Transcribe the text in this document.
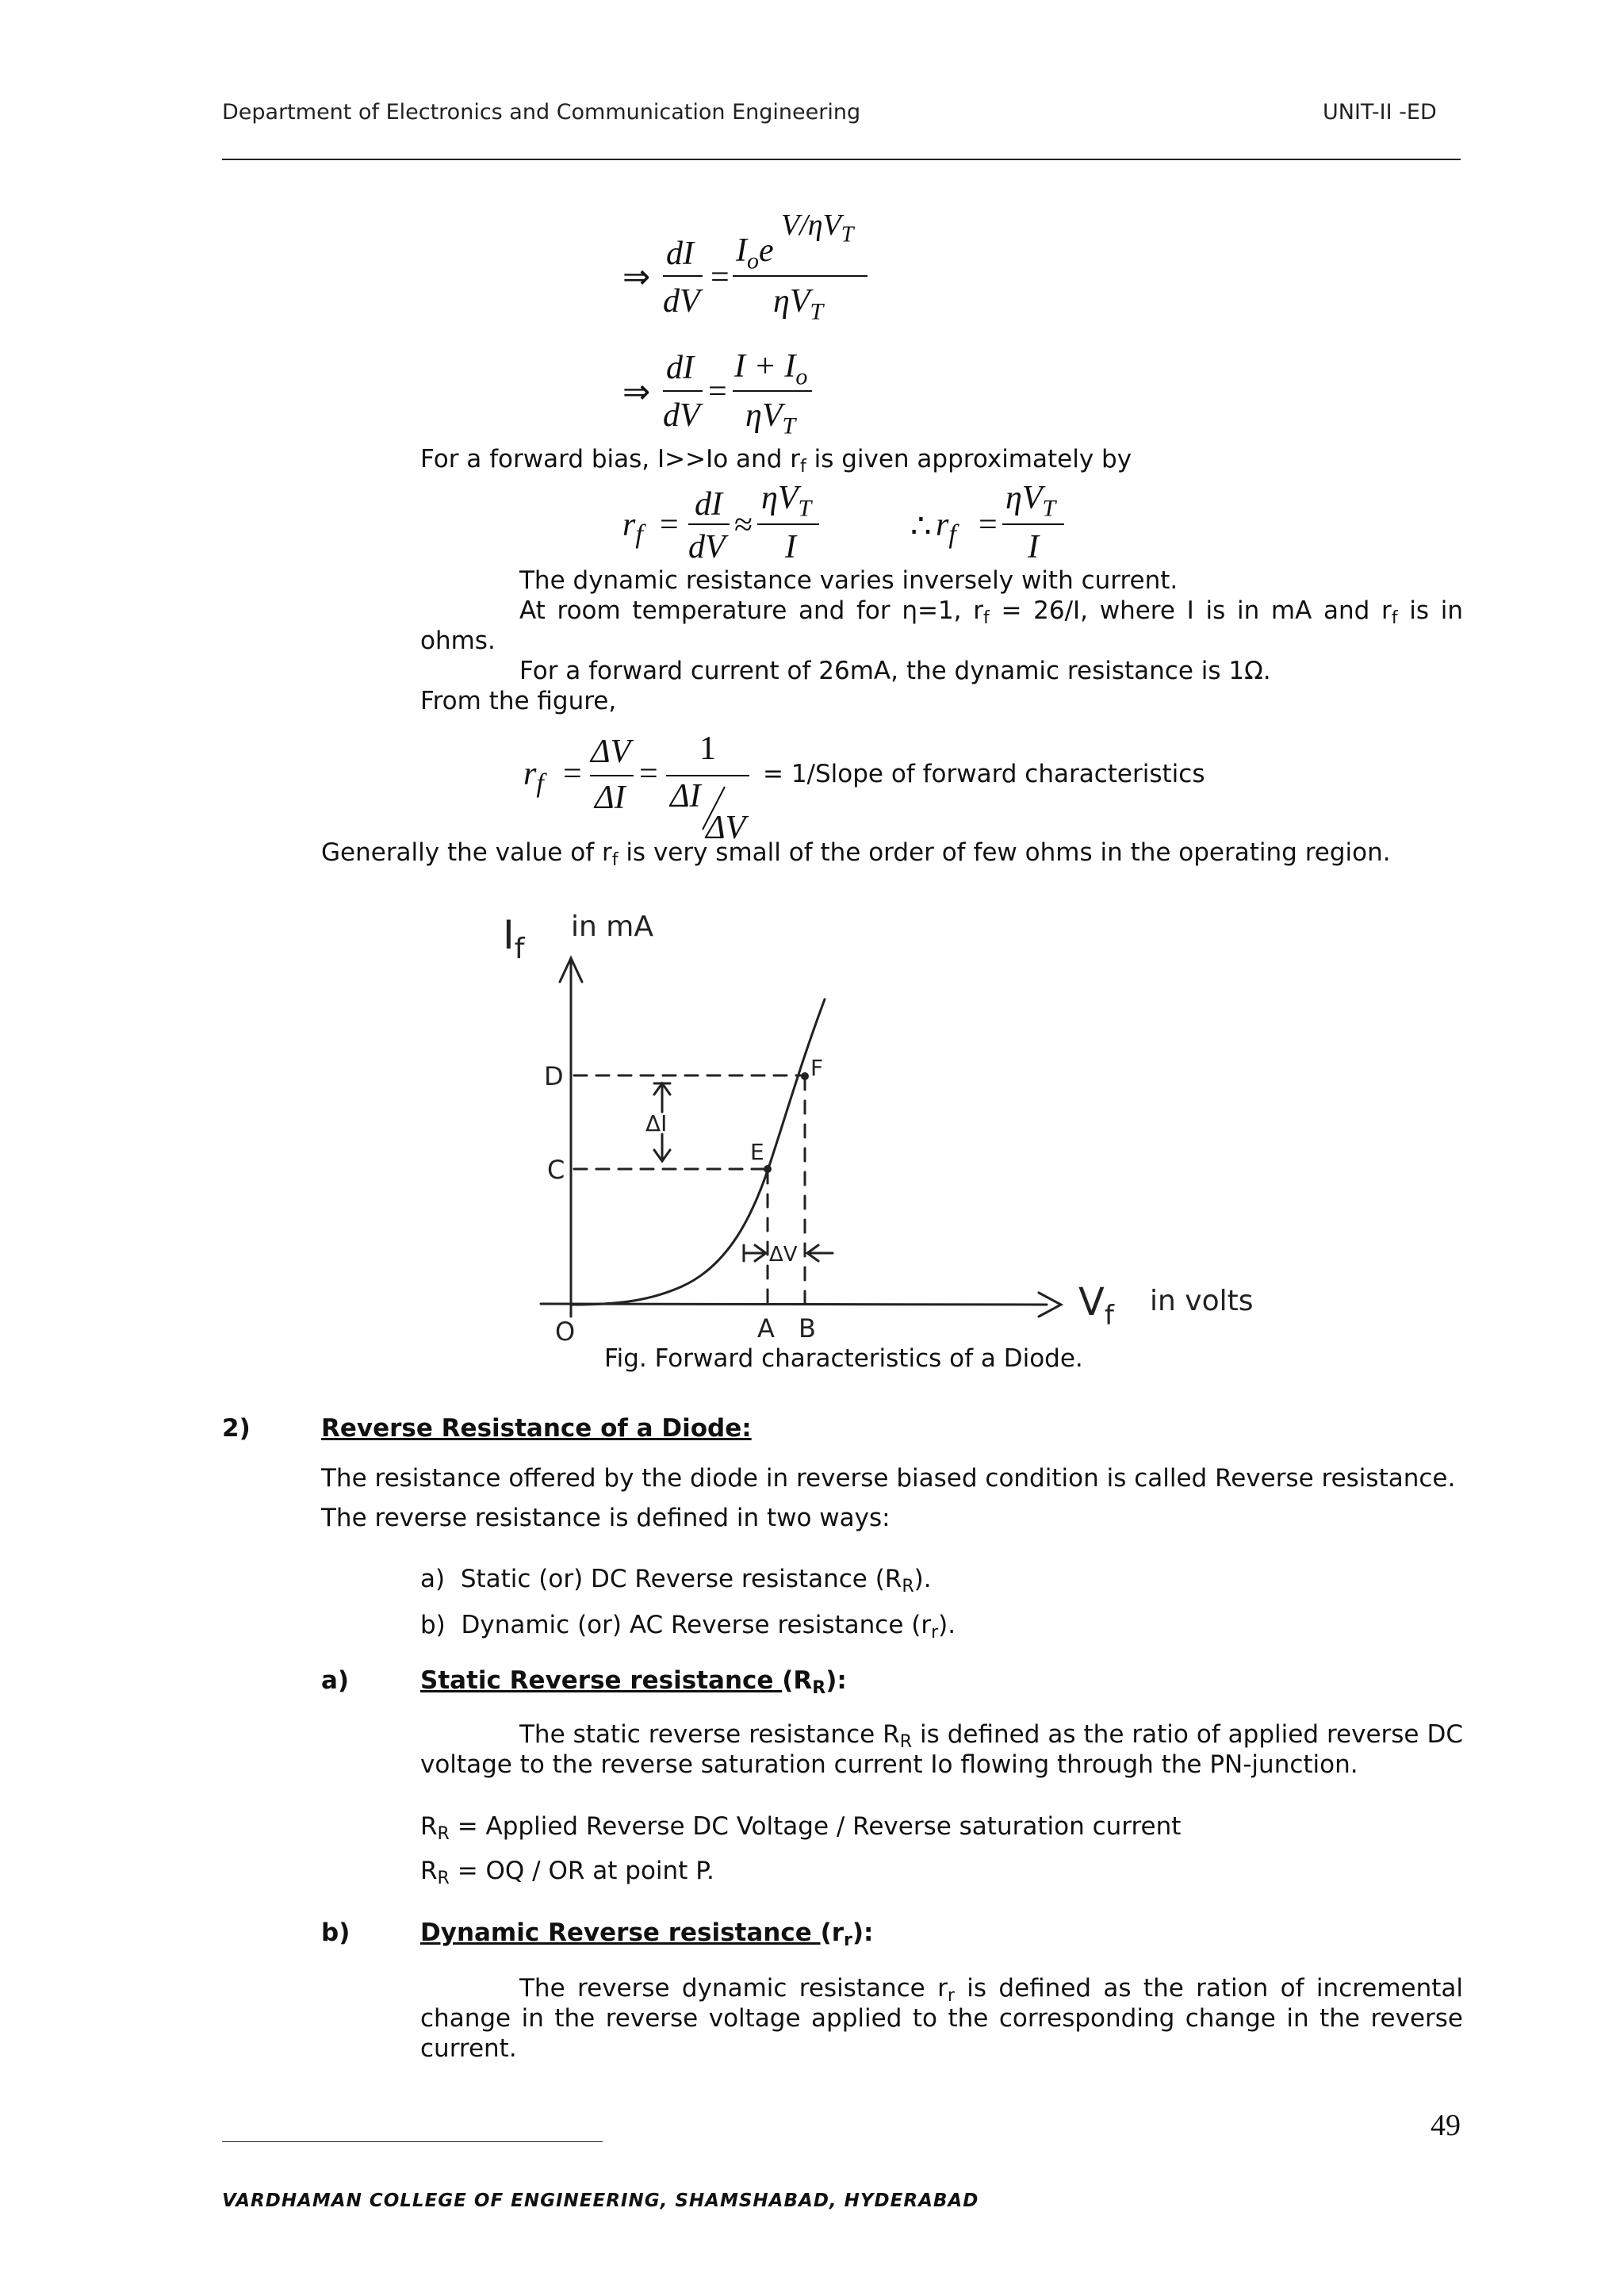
Department of Electronics and Communication Engineering	UNIT-II -ED
⇒
dI
dV
=
$I_oe$
$V/\eta V_T$
$\eta V_T$
⇒
dI
dV
=
$I + I_o$
$\eta V_T$
For a forward bias, I>>Io and $r_f$ is given approximately by
$r_f$ =
dI
dV
≈
$\eta V_T$
I
∴ $r_f$ =
$\eta V_T$
I
The dynamic resistance varies inversely with current.
At room temperature and for η=1, $r_f = 26/I$, where I is in mA and $r_f$ is in
ohms.
For a forward current of 26mA, the dynamic resistance is 1Ω.
From the figure,
$r_f$ =
ΔV
ΔI
=
1
ΔI
ΔV
= 1/Slope of forward characteristics
Generally the value of $r_f$ is very small of the order of few ohms in the operating region.
$I_f$
in mA
$V_f$ in volts
O	A B
C
D
E
F
ΔI
ΔV
Fig. Forward characteristics of a Diode.
2)	Reverse Resistance of a Diode:
The resistance offered by the diode in reverse biased condition is called Reverse resistance.
The reverse resistance is defined in two ways:
a) Static (or) DC Reverse resistance $(R_R)$.
b) Dynamic (or) AC Reverse resistance $(r_r)$.
a)	Static Reverse resistance $(R_R)$:
The static reverse resistance $R_R$ is defined as the ratio of applied reverse DC
voltage to the reverse saturation current Io flowing through the PN-junction.
$R_R$ = Applied Reverse DC Voltage / Reverse saturation current
$R_R$ = OQ / OR at point P.
b)	Dynamic Reverse resistance $(r_r)$:
The reverse dynamic resistance $r_r$ is defined as the ration of incremental
change in the reverse voltage applied to the corresponding change in the reverse
current.
49
VARDHAMAN COLLEGE OF ENGINEERING, SHAMSHABAD, HYDERABAD
